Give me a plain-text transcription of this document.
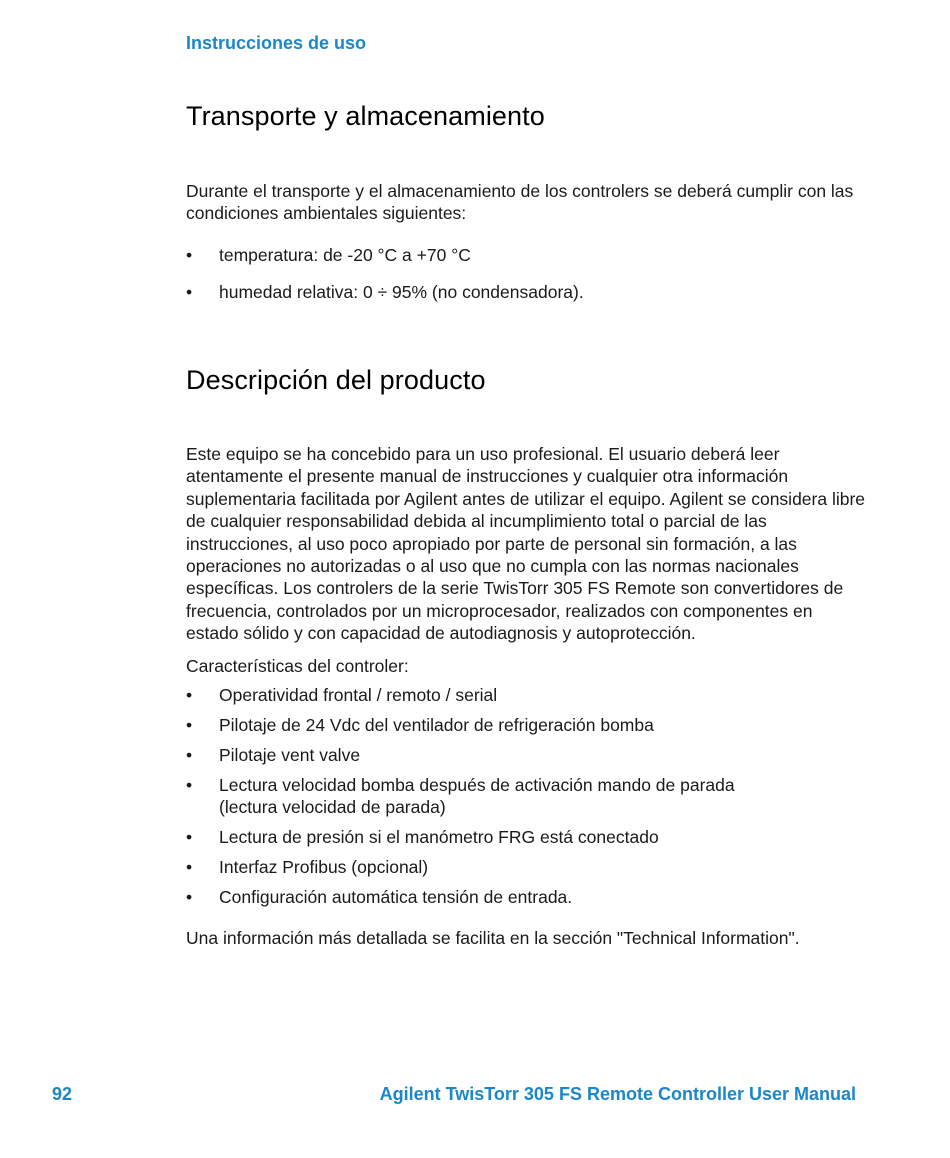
Instrucciones de uso
Transporte y almacenamiento

Durante el transporte y el almacenamiento de los controlers se deberá cumplir con las condiciones ambientales siguientes:

• temperatura: de -20 °C a +70 °C
• humedad relativa: 0 ÷ 95% (no condensadora).
Descripción del producto

Este equipo se ha concebido para un uso profesional. El usuario deberá leer atentamente el presente manual de instrucciones y cualquier otra información suplementaria facilitada por Agilent antes de utilizar el equipo. Agilent se considera libre de cualquier responsabilidad debida al incumplimiento total o parcial de las instrucciones, al uso poco apropiado por parte de personal sin formación, a las operaciones no autorizadas o al uso que no cumpla con las normas nacionales específicas. Los controlers de la serie TwisTorr 305 FS Remote son convertidores de frecuencia, controlados por un microprocesador, realizados con componentes en estado sólido y con capacidad de autodiagnosis y autoprotección.

Características del controler:

• Operatividad frontal / remoto / serial
• Pilotaje de 24 Vdc del ventilador de refrigeración bomba
• Pilotaje vent valve
• Lectura velocidad bomba después de activación mando de parada (lectura velocidad de parada)
• Lectura de presión si el manómetro FRG está conectado
• Interfaz Profibus (opcional)
• Configuración automática tensión de entrada.

Una información más detallada se facilita en la sección "Technical Information".

92	Agilent TwisTorr 305 FS Remote Controller User Manual
